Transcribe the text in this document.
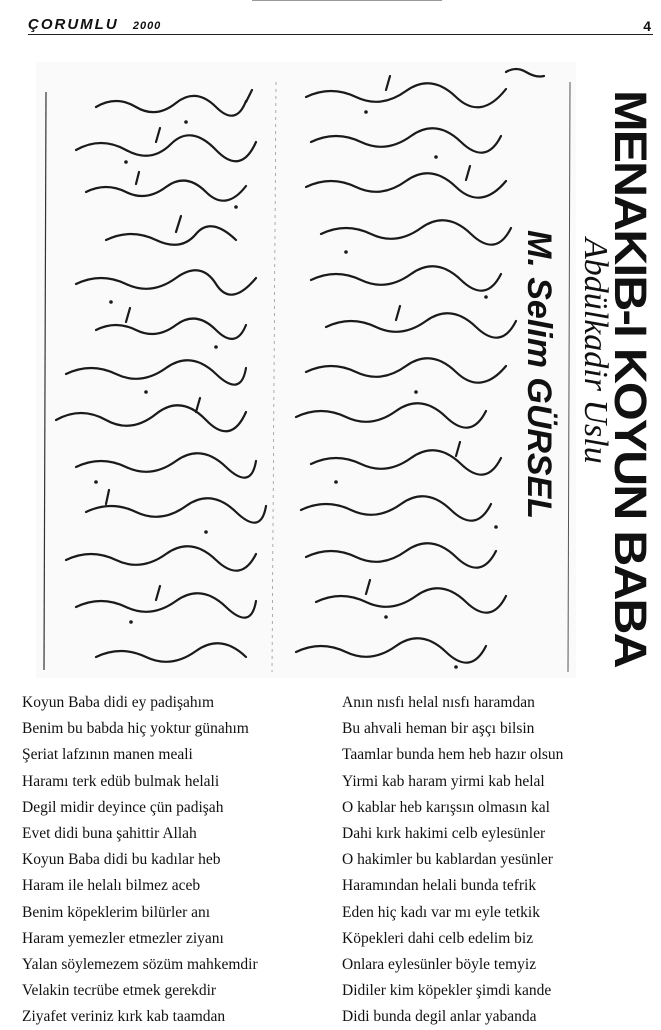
ÇORUMLU 2000	4
MENAKIB-I KOYUN BABA
Abdülkadir Uslu
M. Selim GÜRSEL
Koyun Baba didi ey padişahım
Benim bu babda hiç yoktur günahım
Şeriat lafzının manen meali
Haramı terk edüb bulmak helali
Degil midir deyince çün padişah
Evet didi buna şahittir Allah
Koyun Baba didi bu kadılar heb
Haram ile helalı bilmez aceb
Benim köpeklerim bilürler anı
Haram yemezler etmezler ziyanı
Yalan söylemezem sözüm mahkemdir
Velakin tecrübe etmek gerekdir
Ziyafet veriniz kırk kab taamdan
Anın nısfı helal nısfı haramdan
Bu ahvali heman bir aşçı bilsin
Taamlar bunda hem heb hazır olsun
Yirmi kab haram yirmi kab helal
O kablar heb karışsın olmasın kal
Dahi kırk hakimi celb eylesünler
O hakimler bu kablardan yesünler
Haramından helali bunda tefrik
Eden hiç kadı var mı eyle tetkik
Köpekleri dahi celb edelim biz
Onlara eylesünler böyle temyiz
Didiler kim köpekler şimdi kande
Didi bunda degil anlar yabanda
